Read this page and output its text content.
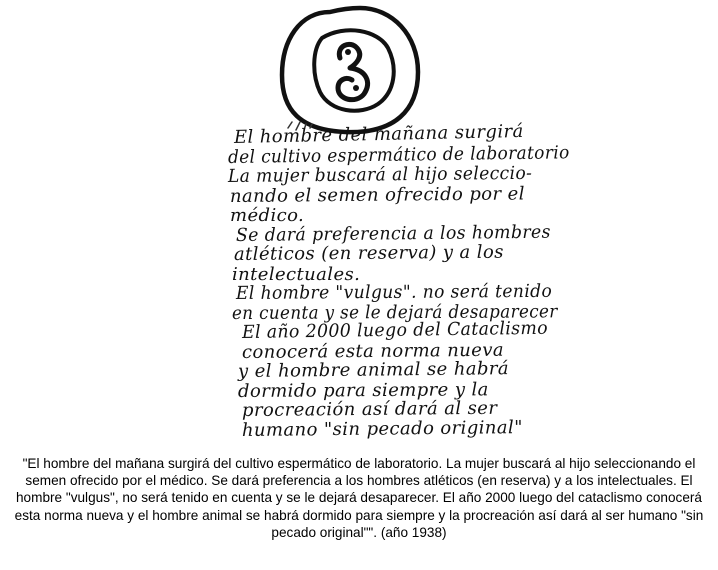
El hombre del mañana surgirá
del cultivo espermático de laboratorio
La mujer buscará al hijo seleccio-
nando el semen ofrecido por el
médico.
Se dará preferencia a los hombres
atléticos (en reserva) y a los
intelectuales.
El hombre "vulgus". no será tenido
en cuenta y se le dejará desaparecer
El año 2000 luego del Cataclismo
conocerá esta norma nueva
y el hombre animal se habrá
dormido para siempre y la
procreación así dará al ser
humano "sin pecado original"
"El hombre del mañana surgirá del cultivo espermático de laboratorio. La mujer buscará al hijo seleccionando el semen ofrecido por el médico. Se dará preferencia a los hombres atléticos (en reserva) y a los intelectuales. El hombre "vulgus", no será tenido en cuenta y se le dejará desaparecer. El año 2000 luego del cataclismo conocerá esta norma nueva y el hombre animal se habrá dormido para siempre y la procreación así dará al ser humano "sin pecado original"". (año 1938)
